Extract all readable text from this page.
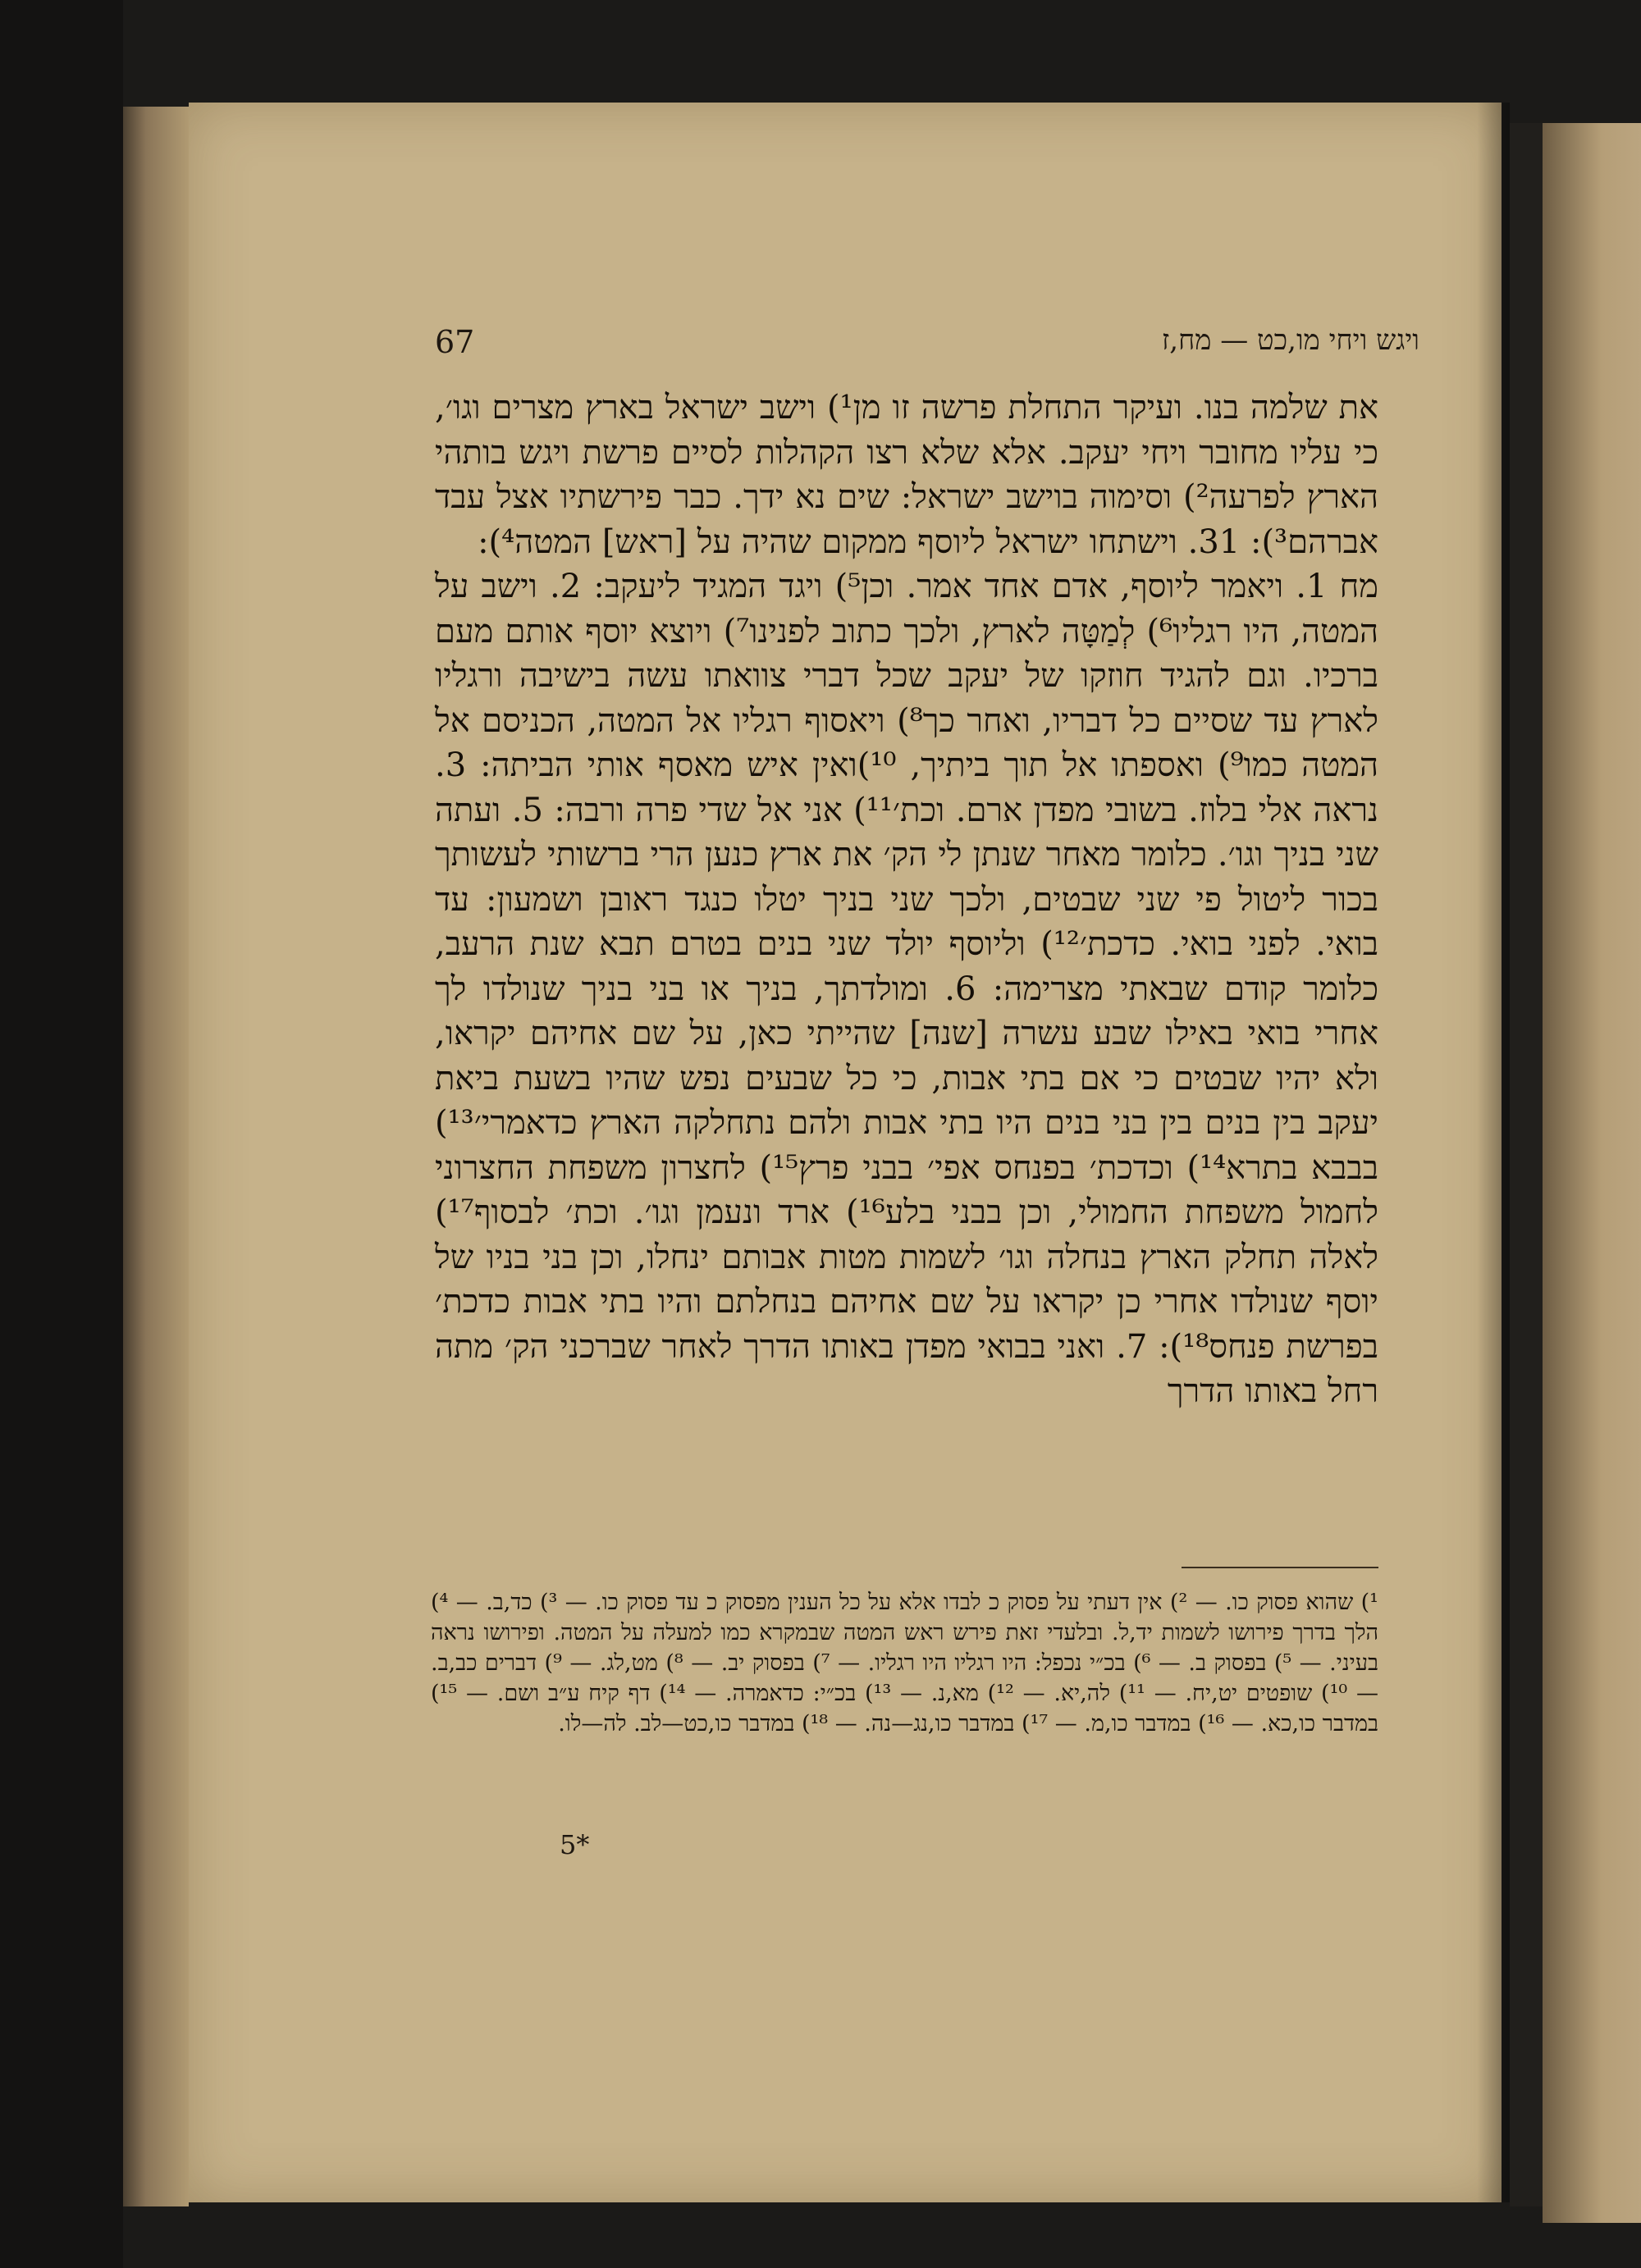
67	ויגש ויחי מו,כט — מח,ז

את שלמה בנו. ועיקר התחלת פרשה זו מן¹) וישב ישראל בארץ מצרים וגו׳, כי עליו מחובר ויחי יעקב. אלא שלא רצו הקהלות לסיים פרשת ויגש בותהי הארץ לפרעה²) וסימוה בוישב ישראל: שים נא ידך. כבר פירשתיו אצל עבד אברהם³): 31. וישתחו ישראל ליוסף ממקום שהיה על [ראש] המטה⁴):

מח 1. ויאמר ליוסף, אדם אחד אמר. וכן⁵) ויגד המגיד ליעקב: 2. וישב על המטה, היו רגליו⁶) לְמַטָּה לארץ, ולכך כתוב לפנינו⁷) ויוצא יוסף אותם מעם ברכיו. וגם להגיד חוזקו של יעקב שכל דברי צוואתו עשה בישיבה ורגליו לארץ עד שסיים כל דבריו, ואחר כך⁸) ויאסוף רגליו אל המטה, הכניסם אל המטה כמו⁹) ואספתו אל תוך ביתיך, ¹⁰)ואין איש מאסף אותי הביתה: 3. נראה אלי בלוז. בשובי מפדן ארם. וכת׳¹¹) אני אל שדי פרה ורבה: 5. ועתה שני בניך וגו׳. כלומר מאחר שנתן לי הק׳ את ארץ כנען הרי ברשותי לעשותך בכור ליטול פי שני שבטים, ולכך שני בניך יטלו כנגד ראובן ושמעון: עד בואי. לפני בואי. כדכת׳¹²) וליוסף יולד שני בנים בטרם תבא שנת הרעב, כלומר קודם שבאתי מצרימה: 6. ומולדתך, בניך או בני בניך שנולדו לך אחרי בואי באילו שבע עשרה [שנה] שהייתי כאן, על שם אחיהם יקראו, ולא יהיו שבטים כי אם בתי אבות, כי כל שבעים נפש שהיו בשעת ביאת יעקב בין בנים בין בני בנים היו בתי אבות ולהם נתחלקה הארץ כדאמרי׳¹³) בבבא בתרא¹⁴) וכדכת׳ בפנחס אפי׳ בבני פרץ¹⁵) לחצרון משפחת החצרוני לחמול משפחת החמולי, וכן בבני בלע¹⁶) ארד ונעמן וגו׳. וכת׳ לבסוף¹⁷) לאלה תחלק הארץ בנחלה וגו׳ לשמות מטות אבותם ינחלו, וכן בני בניו של יוסף שנולדו אחרי כן יקראו על שם אחיהם בנחלתם והיו בתי אבות כדכת׳ בפרשת פנחס¹⁸): 7. ואני בבואי מפדן באותו הדרך לאחר שברכני הק׳ מתה רחל באותו הדרך

¹) שהוא פסוק כו. — ²) אין דעתי על פסוק כ לבדו אלא על כל הענין מפסוק כ עד פסוק כו. — ³) כד,ב. — ⁴) הלך בדרך פירושו לשמות יד,ל. ובלעדי זאת פירש ראש המטה שבמקרא כמו למעלה על המטה. ופירושו נראה בעיני. — ⁵) בפסוק ב. — ⁶) בכ״י נכפל: היו רגליו היו רגליו. — ⁷) בפסוק יב. — ⁸) מט,לג. — ⁹) דברים כב,ב. — ¹⁰) שופטים יט,יח. — ¹¹) לה,יא. — ¹²) מא,נ. — ¹³) בכ״י: כדאמרה. — ¹⁴) דף קיח ע״ב ושם. — ¹⁵) במדבר כו,כא. — ¹⁶) במדבר כו,מ. — ¹⁷) במדבר כו,נג—נה. — ¹⁸) במדבר כו,כט—לב. לה—לו.

5*
